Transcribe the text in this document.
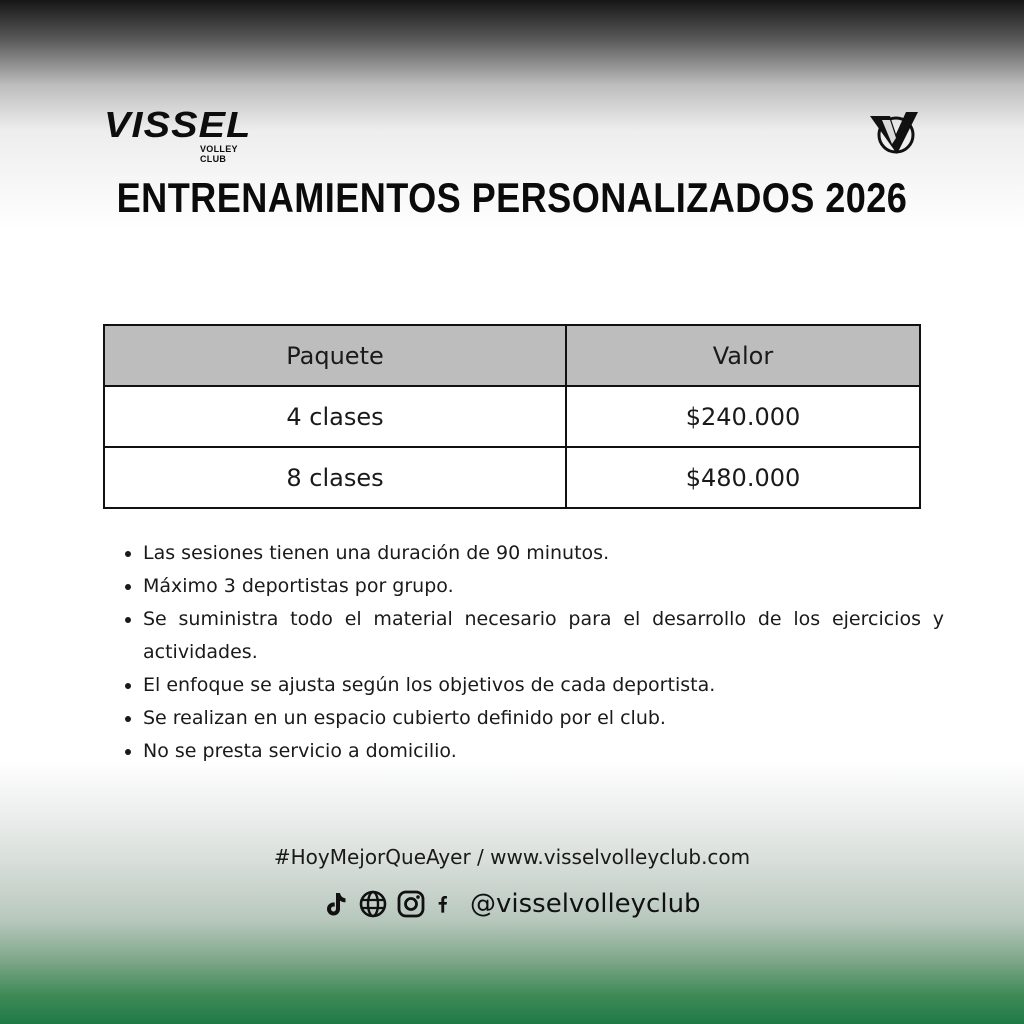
VISSEL
VOLLEY CLUB
ENTRENAMIENTOS PERSONALIZADOS 2026
Paquete	Valor
4 clases	$240.000
8 clases	$480.000
• Las sesiones tienen una duración de 90 minutos.
• Máximo 3 deportistas por grupo.
• Se suministra todo el material necesario para el desarrollo de los ejercicios y actividades.
• El enfoque se ajusta según los objetivos de cada deportista.
• Se realizan en un espacio cubierto definido por el club.
• No se presta servicio a domicilio.
#HoyMejorQueAyer / www.visselvolleyclub.com
@visselvolleyclub
